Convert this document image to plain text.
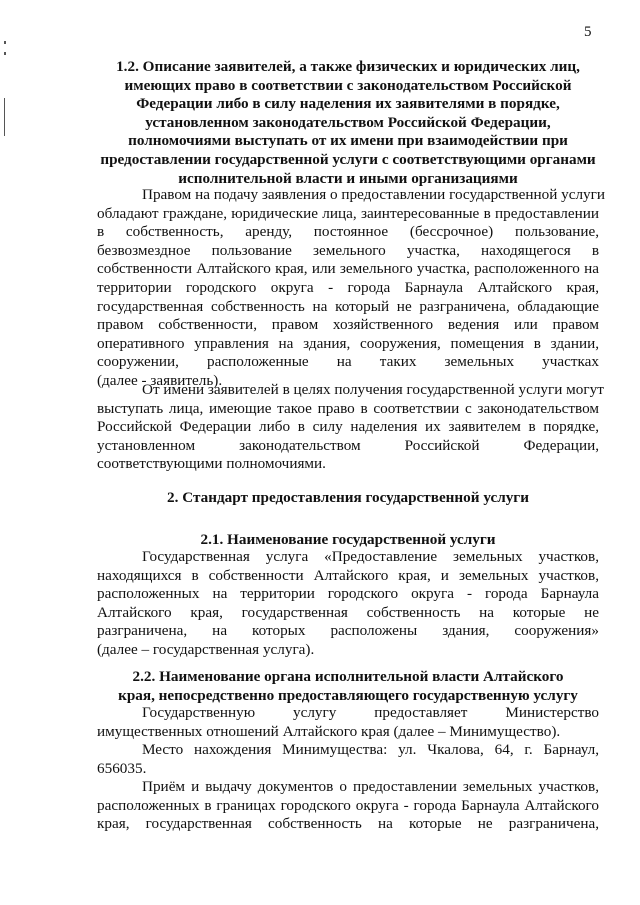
5
1.2. Описание заявителей, а также физических и юридических лиц,
имеющих право в соответствии с законодательством Российской
Федерации либо в силу наделения их заявителями в порядке,
установленном законодательством Российской Федерации,
полномочиями выступать от их имени при взаимодействии при
предоставлении государственной услуги с соответствующими органами
исполнительной власти и иными организациями
Правом на подачу заявления о предоставлении государственной услуги
обладают граждане, юридические лица, заинтересованные в предоставлении
в собственность, аренду, постоянное (бессрочное) пользование,
безвозмездное пользование земельного участка, находящегося в
собственности Алтайского края, или земельного участка, расположенного на
территории городского округа - города Барнаула Алтайского края,
государственная собственность на который не разграничена, обладающие
правом собственности, правом хозяйственного ведения или правом
оперативного управления на здания, сооружения, помещения в здании,
сооружении, расположенные на таких земельных участках
(далее - заявитель).
От имени заявителей в целях получения государственной услуги могут
выступать лица, имеющие такое право в соответствии с законодательством
Российской Федерации либо в силу наделения их заявителем в порядке,
установленном законодательством Российской Федерации,
соответствующими полномочиями.
2. Стандарт предоставления государственной услуги
2.1. Наименование государственной услуги
Государственная услуга «Предоставление земельных участков,
находящихся в собственности Алтайского края, и земельных участков,
расположенных на территории городского округа - города Барнаула
Алтайского края, государственная собственность на которые не
разграничена, на которых расположены здания, сооружения»
(далее – государственная услуга).
2.2. Наименование органа исполнительной власти Алтайского
края, непосредственно предоставляющего государственную услугу
Государственную услугу предоставляет Министерство
имущественных отношений Алтайского края (далее – Минимущество).
Место нахождения Минимущества: ул. Чкалова, 64, г. Барнаул,
656035.
Приём и выдачу документов о предоставлении земельных участков,
расположенных в границах городского округа - города Барнаула Алтайского
края, государственная собственность на которые не разграничена,
